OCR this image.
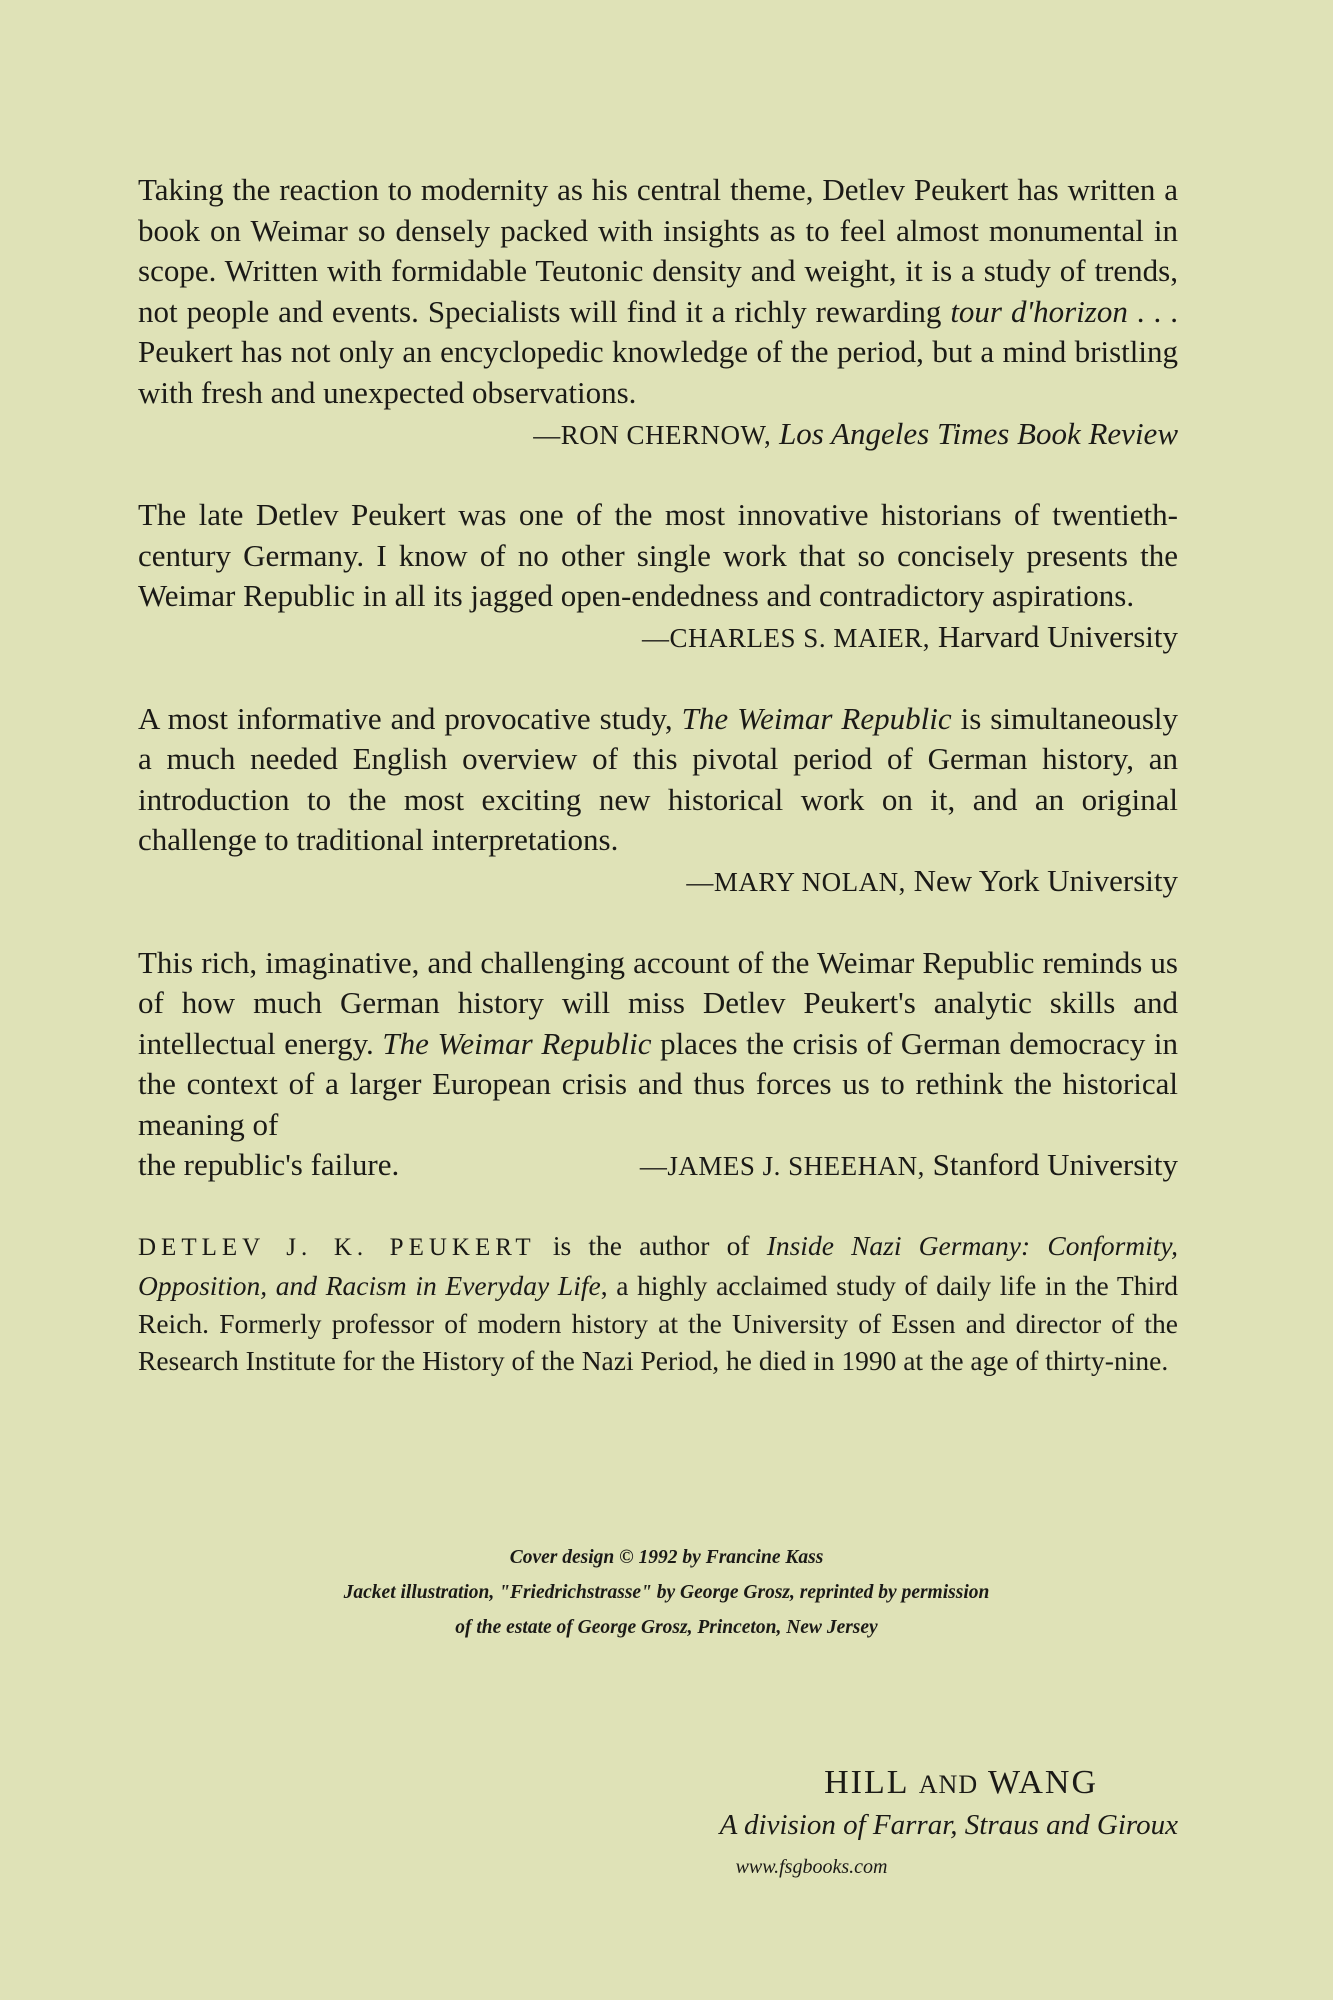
Taking the reaction to modernity as his central theme, Detlev Peukert has written a book on Weimar so densely packed with insights as to feel almost monumental in scope. Written with formidable Teutonic density and weight, it is a study of trends, not people and events. Specialists will find it a richly rewarding tour d'horizon . . . Peukert has not only an encyclopedic knowledge of the period, but a mind bristling with fresh and unexpected observations.

—RON CHERNOW, Los Angeles Times Book Review

The late Detlev Peukert was one of the most innovative historians of twentieth-century Germany. I know of no other single work that so concisely presents the Weimar Republic in all its jagged open-endedness and contradictory aspirations.

—CHARLES S. MAIER, Harvard University

A most informative and provocative study, The Weimar Republic is simultaneously a much needed English overview of this pivotal period of German history, an introduction to the most exciting new historical work on it, and an original challenge to traditional interpretations.

—MARY NOLAN, New York University

This rich, imaginative, and challenging account of the Weimar Republic reminds us of how much German history will miss Detlev Peukert's analytic skills and intellectual energy. The Weimar Republic places the crisis of German democracy in the context of a larger European crisis and thus forces us to rethink the historical meaning of

the republic's failure.	—JAMES J. SHEEHAN, Stanford University

DETLEV J. K. PEUKERT is the author of Inside Nazi Germany: Conformity, Opposition, and Racism in Everyday Life, a highly acclaimed study of daily life in the Third Reich. Formerly professor of modern history at the University of Essen and director of the Research Institute for the History of the Nazi Period, he died in 1990 at the age of thirty-nine.

Cover design © 1992 by Francine Kass
Jacket illustration, "Friedrichstrasse" by George Grosz, reprinted by permission
of the estate of George Grosz, Princeton, New Jersey
HILL AND WANG
A division of Farrar, Straus and Giroux
www.fsgbooks.com
